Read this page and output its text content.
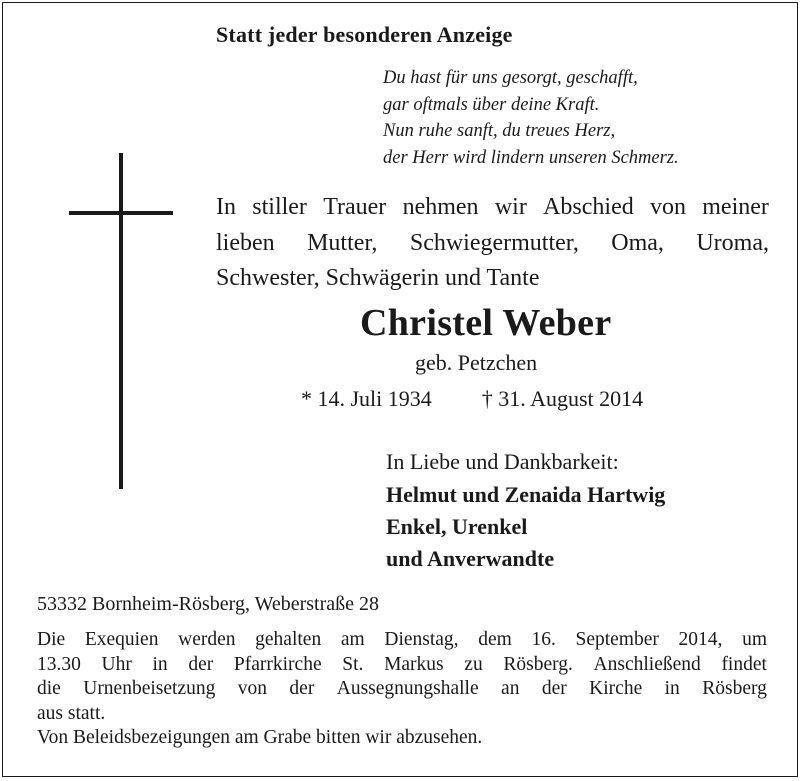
Statt jeder besonderen Anzeige
Du hast für uns gesorgt, geschafft,
gar oftmals über deine Kraft.
Nun ruhe sanft, du treues Herz,
der Herr wird lindern unseren Schmerz.
In stiller Trauer nehmen wir Abschied von meiner
lieben Mutter, Schwiegermutter, Oma, Uroma,
Schwester, Schwägerin und Tante
Christel Weber
geb. Petzchen
* 14. Juli 1934 † 31. August 2014
In Liebe und Dankbarkeit:
Helmut und Zenaida Hartwig
Enkel, Urenkel
und Anverwandte
53332 Bornheim-Rösberg, Weberstraße 28
Die Exequien werden gehalten am Dienstag, dem 16. September 2014, um
13.30 Uhr in der Pfarrkirche St. Markus zu Rösberg. Anschließend findet
die Urnenbeisetzung von der Aussegnungshalle an der Kirche in Rösberg
aus statt.
Von Beleidsbezeigungen am Grabe bitten wir abzusehen.
